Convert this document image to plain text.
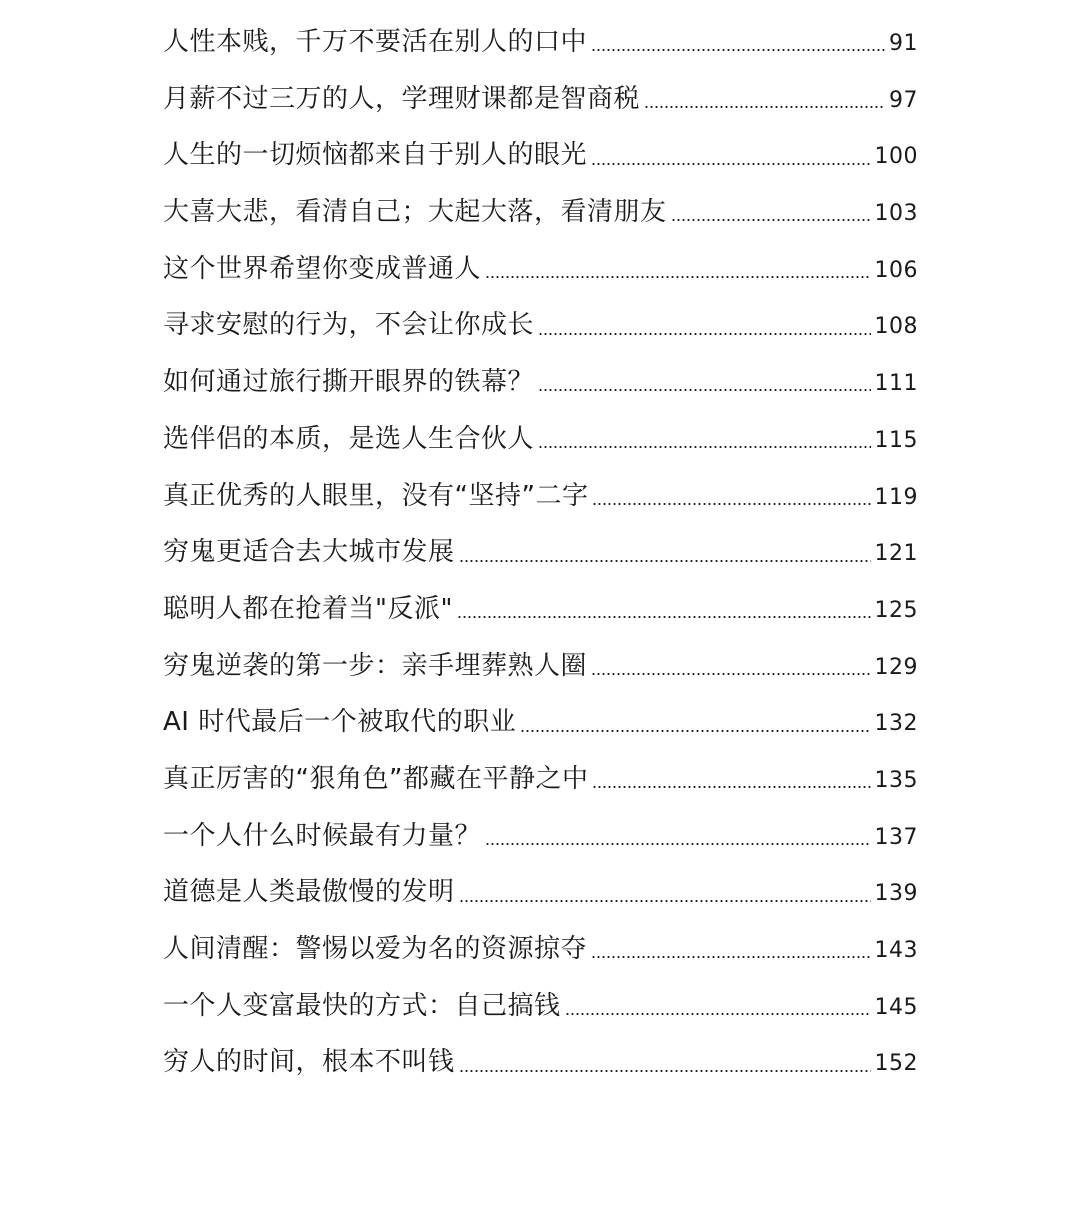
人性本贱，千万不要活在别人的口中	91
月薪不过三万的人，学理财课都是智商税	97
人生的一切烦恼都来自于别人的眼光	100
大喜大悲，看清自己；大起大落，看清朋友	103
这个世界希望你变成普通人	106
寻求安慰的行为，不会让你成长	108
如何通过旅行撕开眼界的铁幕？	111
选伴侣的本质，是选人生合伙人	115
真正优秀的人眼里，没有“坚持”二字	119
穷鬼更适合去大城市发展	121
聪明人都在抢着当"反派"	125
穷鬼逆袭的第一步：亲手埋葬熟人圈	129
AI 时代最后一个被取代的职业	132
真正厉害的“狠角色”都藏在平静之中	135
一个人什么时候最有力量？	137
道德是人类最傲慢的发明	139
人间清醒：警惕以爱为名的资源掠夺	143
一个人变富最快的方式：自己搞钱	145
穷人的时间，根本不叫钱	152
